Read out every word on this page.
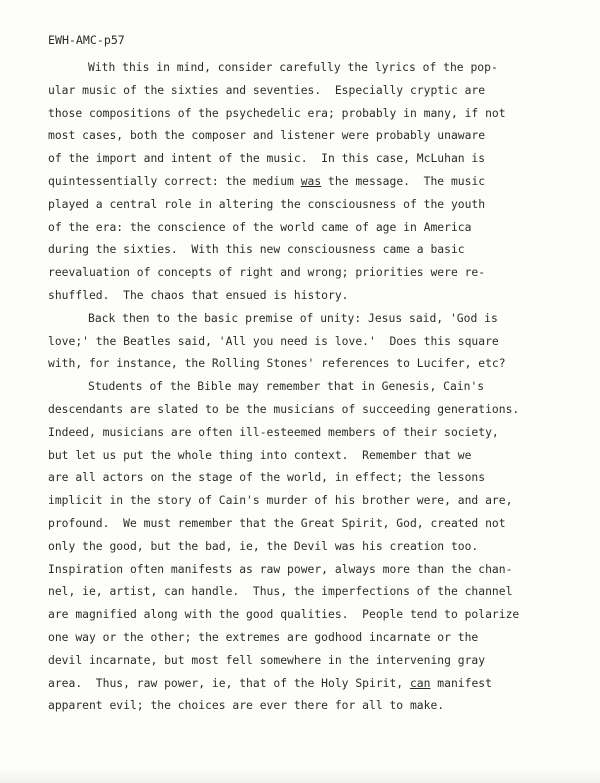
EWH-AMC-p57
With this in mind, consider carefully the lyrics of the pop-
ular music of the sixties and seventies.  Especially cryptic are
those compositions of the psychedelic era; probably in many, if not
most cases, both the composer and listener were probably unaware
of the import and intent of the music.  In this case, McLuhan is
quintessentially correct: the medium was the message.  The music
played a central role in altering the consciousness of the youth
of the era: the conscience of the world came of age in America
during the sixties.  With this new consciousness came a basic
reevaluation of concepts of right and wrong; priorities were re-
shuffled.  The chaos that ensued is history.
Back then to the basic premise of unity: Jesus said, 'God is
love;' the Beatles said, 'All you need is love.'  Does this square
with, for instance, the Rolling Stones' references to Lucifer, etc?
Students of the Bible may remember that in Genesis, Cain's
descendants are slated to be the musicians of succeeding generations.
Indeed, musicians are often ill-esteemed members of their society,
but let us put the whole thing into context.  Remember that we
are all actors on the stage of the world, in effect; the lessons
implicit in the story of Cain's murder of his brother were, and are,
profound.  We must remember that the Great Spirit, God, created not
only the good, but the bad, ie, the Devil was his creation too.
Inspiration often manifests as raw power, always more than the chan-
nel, ie, artist, can handle.  Thus, the imperfections of the channel
are magnified along with the good qualities.  People tend to polarize
one way or the other; the extremes are godhood incarnate or the
devil incarnate, but most fell somewhere in the intervening gray
area.  Thus, raw power, ie, that of the Holy Spirit, can manifest
apparent evil; the choices are ever there for all to make.
